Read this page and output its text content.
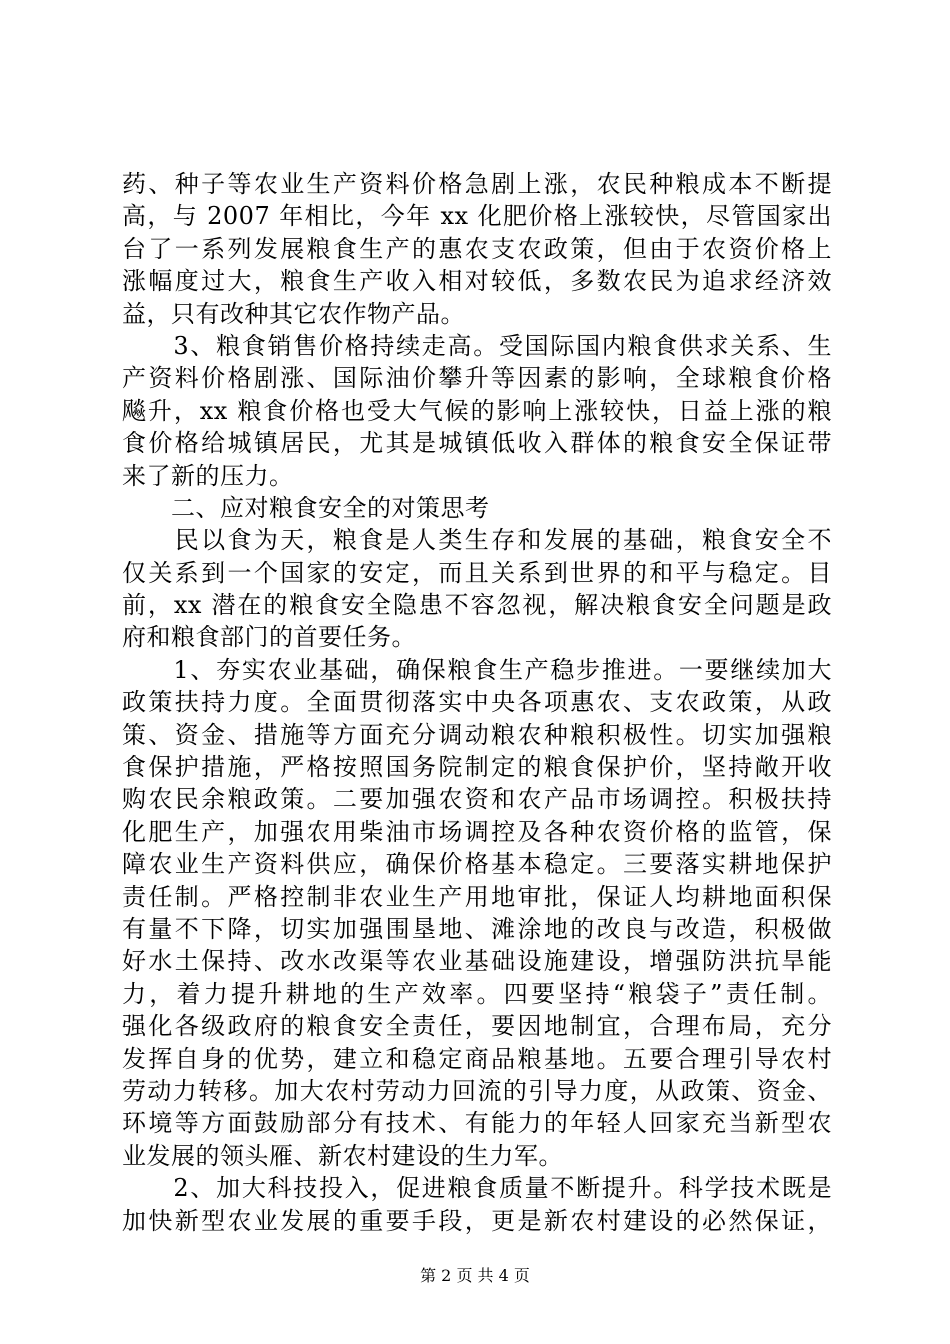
药、种子等农业生产资料价格急剧上涨，农民种粮成本不断提
高，与 2007 年相比，今年 xx 化肥价格上涨较快，尽管国家出
台了一系列发展粮食生产的惠农支农政策，但由于农资价格上
涨幅度过大，粮食生产收入相对较低，多数农民为追求经济效
益，只有改种其它农作物产品。
　　3、粮食销售价格持续走高。受国际国内粮食供求关系、生
产资料价格剧涨、国际油价攀升等因素的影响，全球粮食价格
飚升，xx 粮食价格也受大气候的影响上涨较快，日益上涨的粮
食价格给城镇居民，尤其是城镇低收入群体的粮食安全保证带
来了新的压力。
　　二、应对粮食安全的对策思考
　　民以食为天，粮食是人类生存和发展的基础，粮食安全不
仅关系到一个国家的安定，而且关系到世界的和平与稳定。目
前，xx 潜在的粮食安全隐患不容忽视，解决粮食安全问题是政
府和粮食部门的首要任务。
　　1、夯实农业基础，确保粮食生产稳步推进。一要继续加大
政策扶持力度。全面贯彻落实中央各项惠农、支农政策，从政
策、资金、措施等方面充分调动粮农种粮积极性。切实加强粮
食保护措施，严格按照国务院制定的粮食保护价，坚持敞开收
购农民余粮政策。二要加强农资和农产品市场调控。积极扶持
化肥生产，加强农用柴油市场调控及各种农资价格的监管，保
障农业生产资料供应，确保价格基本稳定。三要落实耕地保护
责任制。严格控制非农业生产用地审批，保证人均耕地面积保
有量不下降，切实加强围垦地、滩涂地的改良与改造，积极做
好水土保持、改水改渠等农业基础设施建设，增强防洪抗旱能
力，着力提升耕地的生产效率。四要坚持“粮袋子”责任制。
强化各级政府的粮食安全责任，要因地制宜，合理布局，充分
发挥自身的优势，建立和稳定商品粮基地。五要合理引导农村
劳动力转移。加大农村劳动力回流的引导力度，从政策、资金、
环境等方面鼓励部分有技术、有能力的年轻人回家充当新型农
业发展的领头雁、新农村建设的生力军。
　　2、加大科技投入，促进粮食质量不断提升。科学技术既是
加快新型农业发展的重要手段，更是新农村建设的必然保证，
第 2 页 共 4 页
